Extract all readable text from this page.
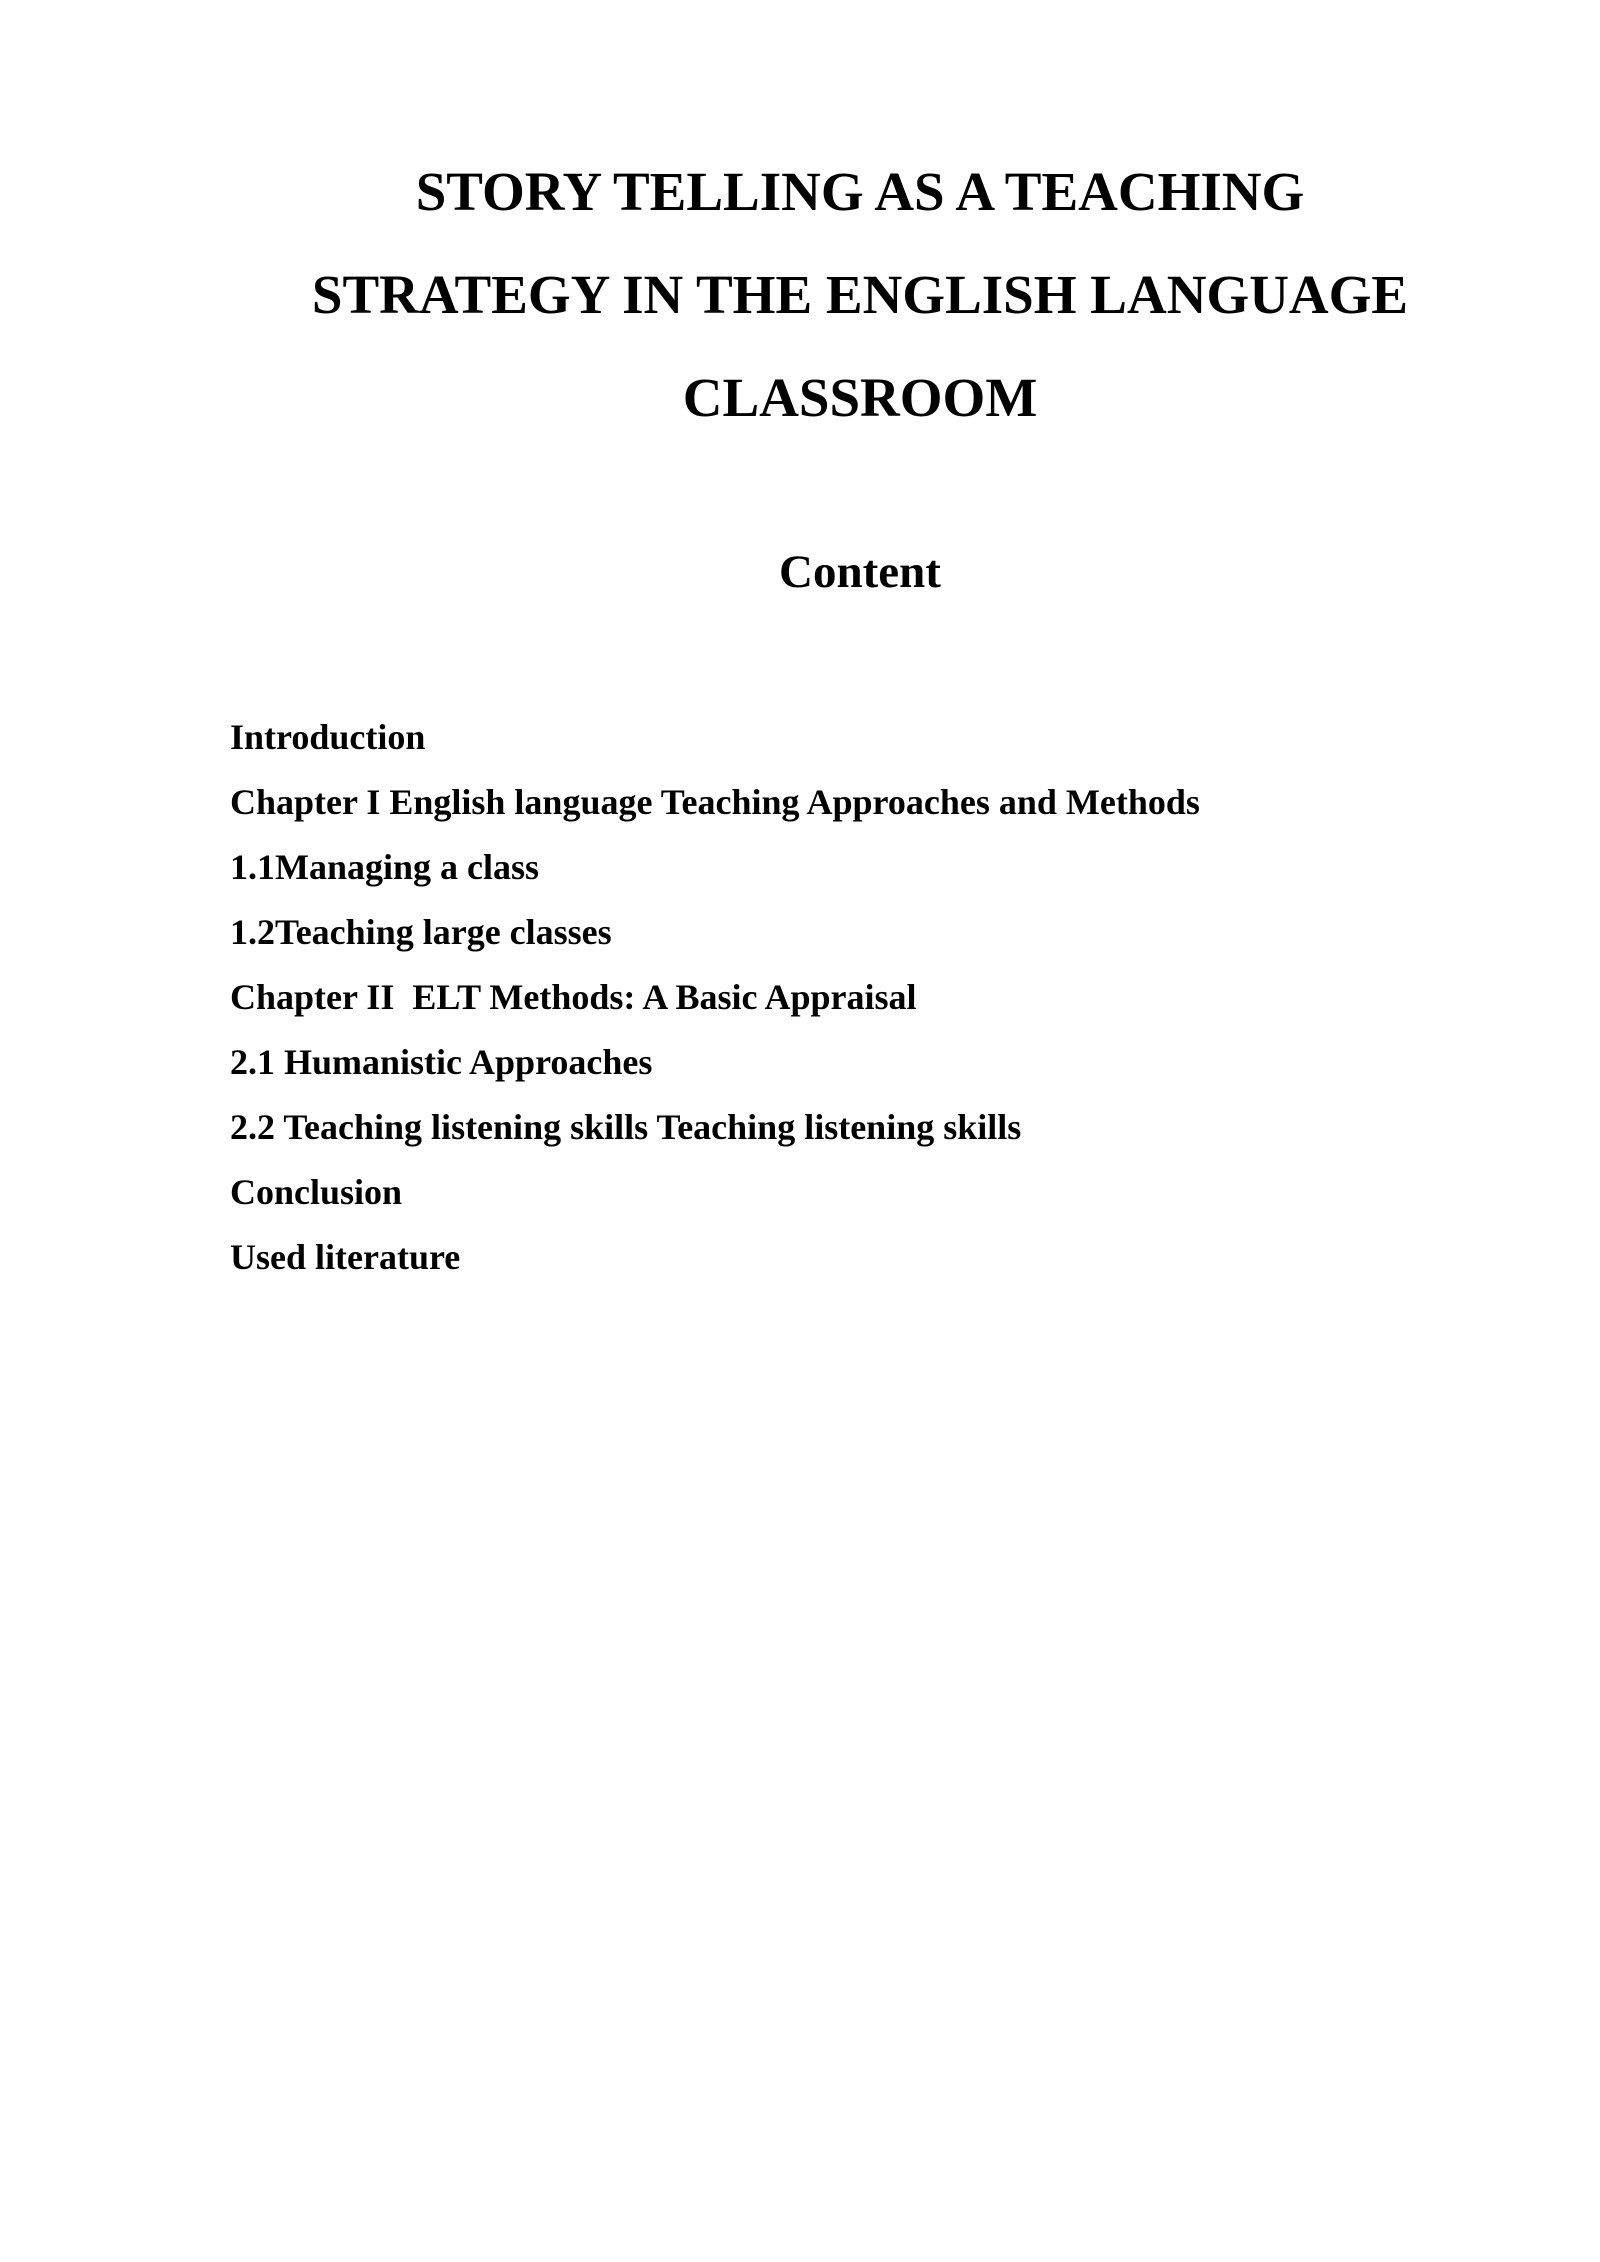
STORY TELLING AS A TEACHING
STRATEGY IN THE ENGLISH LANGUAGE
CLASSROOM
Content
Introduction
Chapter I English language Teaching Approaches and Methods
1.1Managing a class
1.2Teaching large classes
Chapter II  ELT Methods: A Basic Appraisal
2.1 Humanistic Approaches
2.2 Teaching listening skills Teaching listening skills
Conclusion
Used literature
